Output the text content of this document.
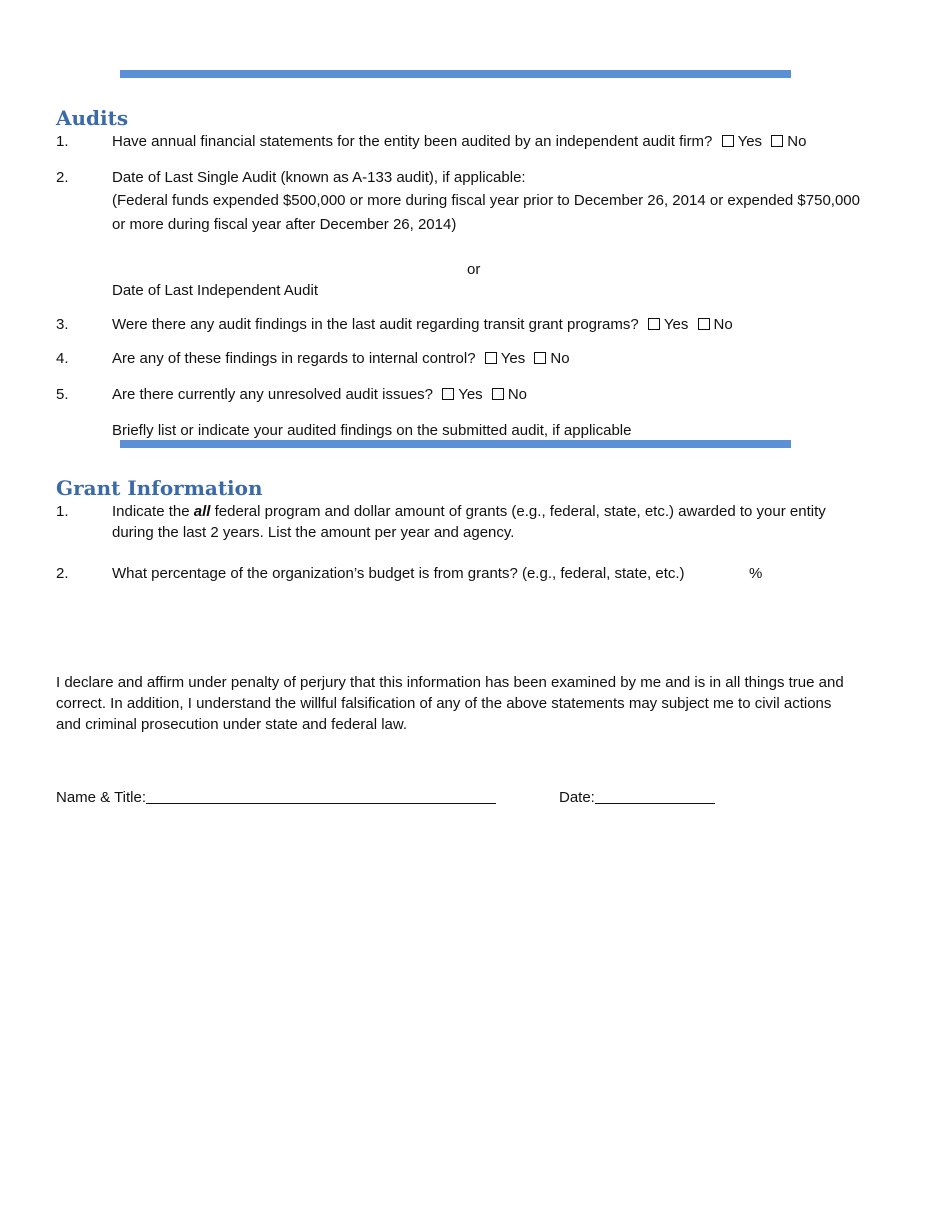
Audits
1.	Have annual financial statements for the entity been audited by an independent audit firm? Yes No
2.	Date of Last Single Audit (known as A-133 audit), if applicable:
(Federal funds expended $500,000 or more during fiscal year prior to December 26, 2014 or expended $750,000
or more during fiscal year after December 26, 2014)
or
Date of Last Independent Audit
3.	Were there any audit findings in the last audit regarding transit grant programs? Yes No
4.	Are any of these findings in regards to internal control? Yes No
5.	Are there currently any unresolved audit issues? Yes No
Briefly list or indicate your audited findings on the submitted audit, if applicable
Grant Information
1.	Indicate the all federal program and dollar amount of grants (e.g., federal, state, etc.) awarded to your entity
during the last 2 years. List the amount per year and agency.
2.	What percentage of the organization’s budget is from grants? (e.g., federal, state, etc.)	%
I declare and affirm under penalty of perjury that this information has been examined by me and is in all things true and
correct. In addition, I understand the willful falsification of any of the above statements may subject me to civil actions
and criminal prosecution under state and federal law.
Name & Title:	Date:
